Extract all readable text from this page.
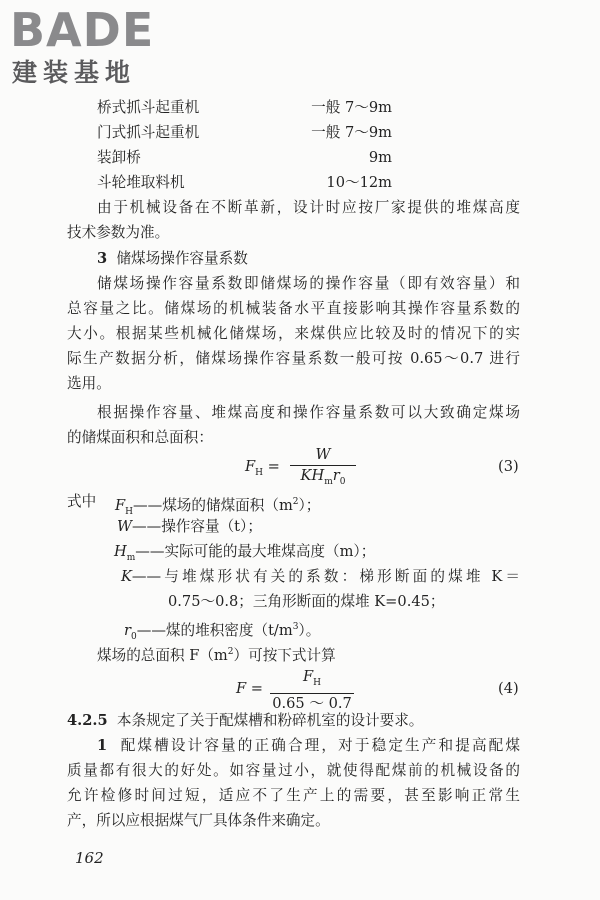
BADE
建装基地
桥式抓斗起重机	一般 7～9m
门式抓斗起重机	一般 7～9m
装卸桥	9m
斗轮堆取料机	10～12m
由于机械设备在不断革新，设计时应按厂家提供的堆煤高度
技术参数为准。
3 储煤场操作容量系数
储煤场操作容量系数即储煤场的操作容量（即有效容量）和
总容量之比。储煤场的机械装备水平直接影响其操作容量系数的
大小。根据某些机械化储煤场，来煤供应比较及时的情况下的实
际生产数据分析，储煤场操作容量系数一般可按 0.65～0.7 进行
选用。
根据操作容量、堆煤高度和操作容量系数可以大致确定煤场
的储煤面积和总面积：
$F_H$ =
W
$KH_mr_0$
(3)
式中 $F_H——$煤场的储煤面积$(m^2)$；
W——操作容量（t）；
$H_m——$实际可能的最大堆煤高度（m）；
K——与堆煤形状有关的系数：梯形断面的煤堆 K＝
0.75～0.8；三角形断面的煤堆 K=0.45；
$r_0——$煤的堆积密度$(t/m^3)$。
煤场的总面积 $F(m^2)$可按下式计算
F =
$F_H$
0.65 ～ 0.7
(4)
4.2.5 本条规定了关于配煤槽和粉碎机室的设计要求。
1 配煤槽设计容量的正确合理，对于稳定生产和提高配煤
质量都有很大的好处。如容量过小，就使得配煤前的机械设备的
允许检修时间过短，适应不了生产上的需要，甚至影响正常生
产，所以应根据煤气厂具体条件来确定。
162
